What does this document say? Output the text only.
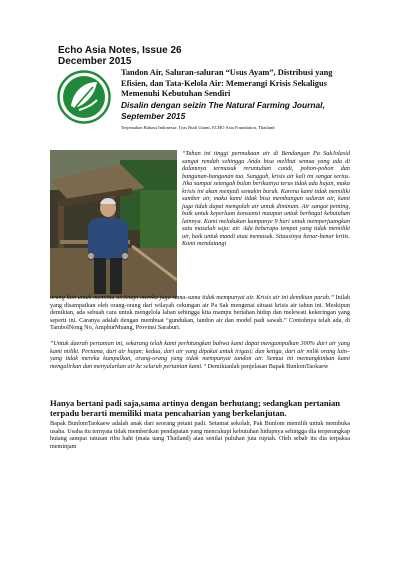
Echo Asia Notes, Issue 26
December 2015
Tandon Air, Saluran-saluran “Usus Ayam”, Distribusi yang Efisien, dan Tata-Kelola Air: Memerangi Krisis Sekaligus Memenuhi Kebutuhan Sendiri
Disalin dengan seizin The Natural Farming Journal, September 2015
Terjemahan Bahasa Indonesia: Tyas Budi Utami, ECHO Asia Foundation, Thailand
“Tahun ini tinggi permukaan air di Bendungan Pa SakJolasid sangat rendah sehingga Anda bisa melihat semua yang ada di dalamnya termasuk reruntuhan candi, pohon-pohon dan bangunan-bangunan tua. Sungguh, krisis air kali ini sangat serius. Jika sampai setengah bulan berikutnya terus tidak ada hujan, maka krisis ini akan menjadi semakin buruk. Karena kami tidak memiliki sumber air, maka kami tidak bisa membangun saluran air, kami juga tidak dapat mengolah air untuk diminum. Air sangat penting, baik untuk keperluan konsumsi maupun untuk berbagai kebutuhan lainnya. Kami melakukan kampanye 9 hari untuk memperjuangkan satu masalah saja: air. Ada beberapa tempat yang tidak memiliki air, baik untuk mandi atau memasak. Situasinya benar-benar kritis. Kami mendatangi
orang lain untuk meminta air,tetapi mereka juga sama-sama tidak mempunyai air. Krisis air ini demikian parah.” Inilah yang disampaikan oleh orang-orang dari wilayah cekungan air Pa Sak mengenai situasi krisis air tahun ini. Meskipun demikian, ada sebuah cara untuk mengelola lahan sehingga kita mampu bertahan hidup dan melewati kekeringan yang seperti ini. Caranya adalah dengan membuat “gundukan, tandon air dan model padi sawah.” Contohnya telah ada, di TambolNong No, AmphurMuang, Provinsi Saraburi.
“Untuk daerah pertanian ini, sekarang telah kami perhitungkan bahwa kami dapat mengumpulkan 300% dari air yang kami miliki. Pertama, dari air hujan; kedua, dari air yang dipakai untuk irigasi; dan ketiga, dari air milik orang lain–yang tidak mereka kumpulkan, orang-orang yang tidak mempunyai tandon air. Semua ini memungkinkan kami mengalirkan dan menyalurkan air ke seluruh pertanian kami.” Demikianlah penjelasan Bapak BunlomTaokaew
Hanya bertani padi saja,sama artinya dengan berhutang; sedangkan pertanian terpadu berarti memiliki mata pencaharian yang berkelanjutan.
Bapak BunlomTaokaew adalah anak dari seorang petani padi. Setamat sekolah, Pak Bunlom memilih untuk membuka usaha. Usaha itu ternyata tidak memberikan pendapatan yang mencukupi kebutuhan hidupnya sehingga dia terperangkap hutang sampai ratusan ribu baht (mata uang Thailand) atau senilai puluhan juta rupiah. Oleh sebab itu dia terpaksa meminjam
